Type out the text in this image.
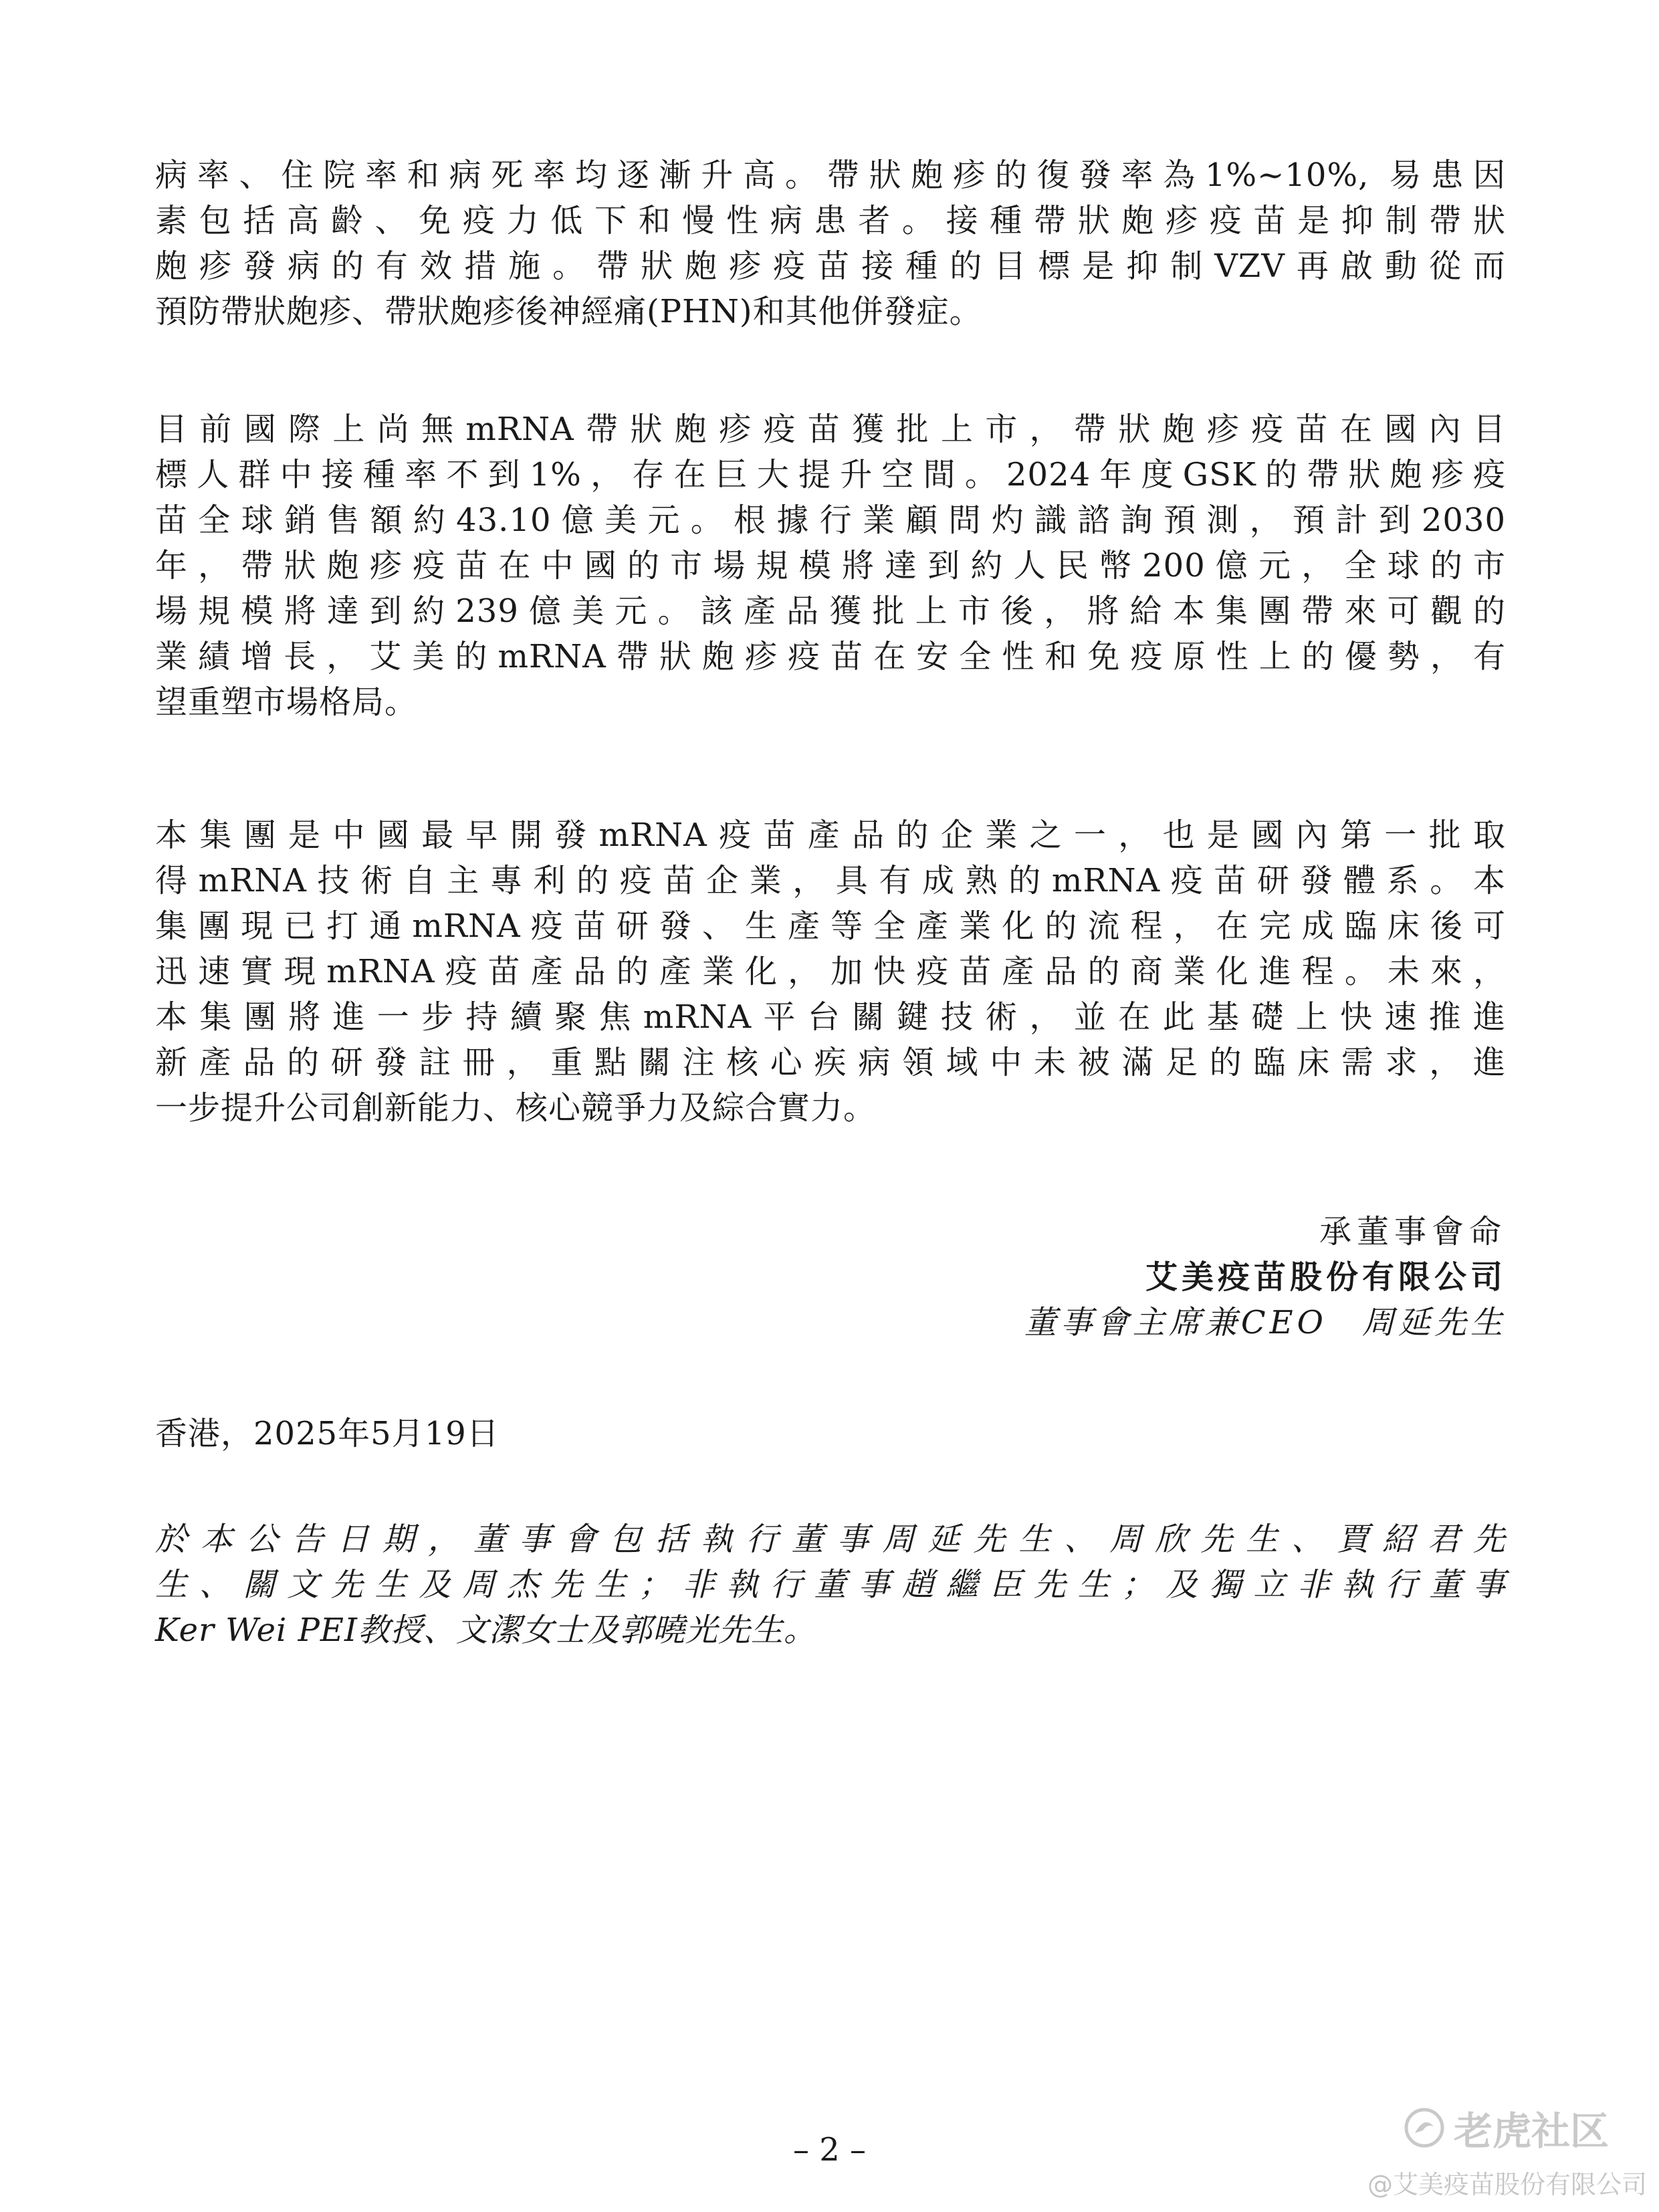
病率、住院率和病死率均逐漸升高。帶狀皰疹的復發率為1%~10%, 易患因
素包括高齡、免疫力低下和慢性病患者。接種帶狀皰疹疫苗是抑制帶狀
皰疹發病的有效措施。帶狀皰疹疫苗接種的目標是抑制VZV再啟動從而
預防帶狀皰疹、帶狀皰疹後神經痛(PHN)和其他併發症。
目前國際上尚無mRNA帶狀皰疹疫苗獲批上市，帶狀皰疹疫苗在國內目
標人群中接種率不到1%，存在巨大提升空間。2024年度GSK的帶狀皰疹疫
苗全球銷售額約43.10億美元。根據行業顧問灼識諮詢預測，預計到2030
年，帶狀皰疹疫苗在中國的市場規模將達到約人民幣200億元，全球的市
場規模將達到約239億美元。該產品獲批上市後，將給本集團帶來可觀的
業績增長，艾美的mRNA帶狀皰疹疫苗在安全性和免疫原性上的優勢，有
望重塑市場格局。
本集團是中國最早開發mRNA疫苗產品的企業之一，也是國內第一批取
得mRNA技術自主專利的疫苗企業，具有成熟的mRNA疫苗研發體系。本
集團現已打通mRNA疫苗研發、生產等全產業化的流程，在完成臨床後可
迅速實現mRNA疫苗產品的產業化，加快疫苗產品的商業化進程。未來，
本集團將進一步持續聚焦mRNA平台關鍵技術，並在此基礎上快速推進
新產品的研發註冊，重點關注核心疾病領域中未被滿足的臨床需求，進
一步提升公司創新能力、核心競爭力及綜合實力。
承董事會命
艾美疫苗股份有限公司
董事會主席兼CEO 周延先生
香港，2025年5月19日
於本公告日期，董事會包括執行董事周延先生、周欣先生、賈紹君先
生、關文先生及周杰先生；非執行董事趙繼臣先生；及獨立非執行董事
Ker Wei PEI教授、文潔女士及郭曉光先生。
– 2 –	老虎社区
@艾美疫苗股份有限公司
